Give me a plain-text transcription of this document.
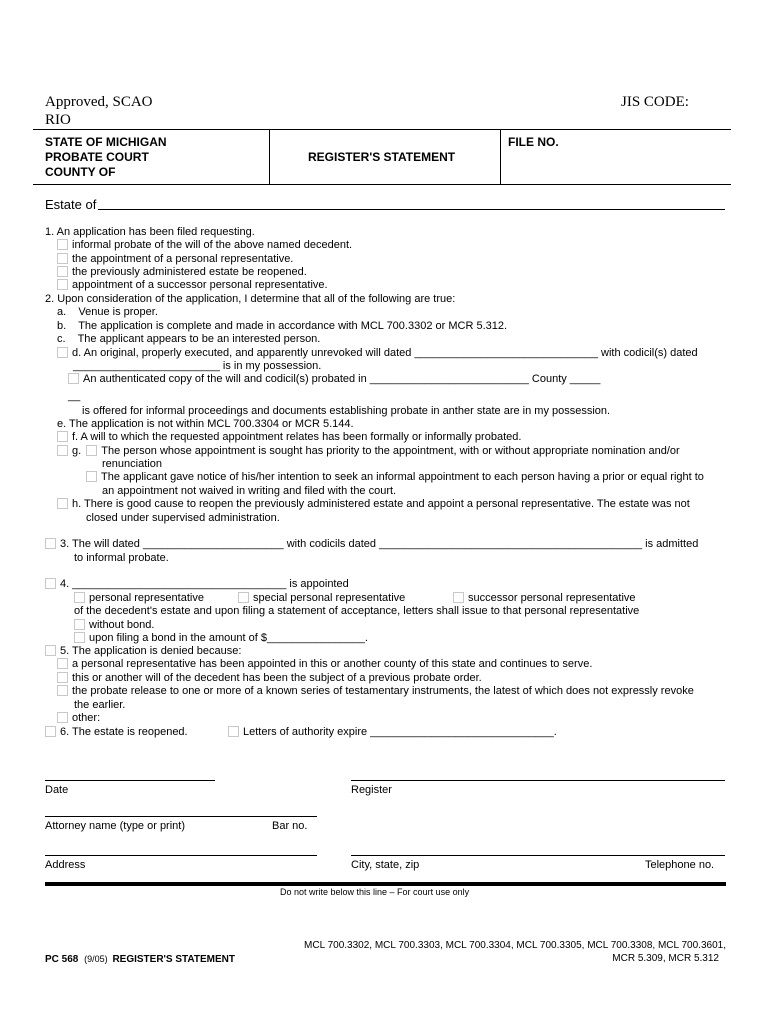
Approved, SCAO
RIO
JIS CODE:
STATE OF MICHIGAN
PROBATE COURT
COUNTY OF
REGISTER'S STATEMENT
FILE NO.
Estate of
1. An application has been filed requesting.
informal probate of the will of the above named decedent.
the appointment of a personal representative.
the previously administered estate be reopened.
appointment of a successor personal representative.
2. Upon consideration of the application, I determine that all of the following are true:
a.    Venue is proper.
b.    The application is complete and made in accordance with MCL 700.3302 or MCR 5.312.
c.    The applicant appears to be an interested person.
d. An original, properly executed, and apparently unrevoked will dated ______________________________ with codicil(s) dated
________________________ is in my possession.
An authenticated copy of the will and codicil(s) probated in __________________________ County _____
__
is offered for informal proceedings and documents establishing probate in anther state are in my possession.
e. The application is not within MCL 700.3304 or MCR 5.144.
f. A will to which the requested appointment relates has been formally or informally probated.
g. The person whose appointment is sought has priority to the appointment, with or without appropriate nomination and/or
renunciation
The applicant gave notice of his/her intention to seek an informal appointment to each person having a prior or equal right to
an appointment not waived in writing and filed with the court.
h. There is good cause to reopen the previously administered estate and appoint a personal representative. The estate was not
closed under supervised administration.
3. The will dated _______________________ with codicils dated ___________________________________________ is admitted
to informal probate.
4. ___________________________________ is appointed
personal representative	special personal representative	successor personal representative
of the decedent's estate and upon filing a statement of acceptance, letters shall issue to that personal representative
without bond.
upon filing a bond in the amount of $________________.
5. The application is denied because:
a personal representative has been appointed in this or another county of this state and continues to serve.
this or another will of the decedent has been the subject of a previous probate order.
the probate release to one or more of a known series of testamentary instruments, the latest of which does not expressly revoke
the earlier.
other:
6. The estate is reopened.	Letters of authority expire ______________________________.
Date	Register
Attorney name (type or print)	Bar no.
Address	City, state, zip	Telephone no.
Do not write below this line – For court use only
PC 568 (9/05) REGISTER'S STATEMENT
MCL 700.3302, MCL 700.3303, MCL 700.3304, MCL 700.3305, MCL 700.3308, MCL 700.3601,
MCR 5.309, MCR 5.312
